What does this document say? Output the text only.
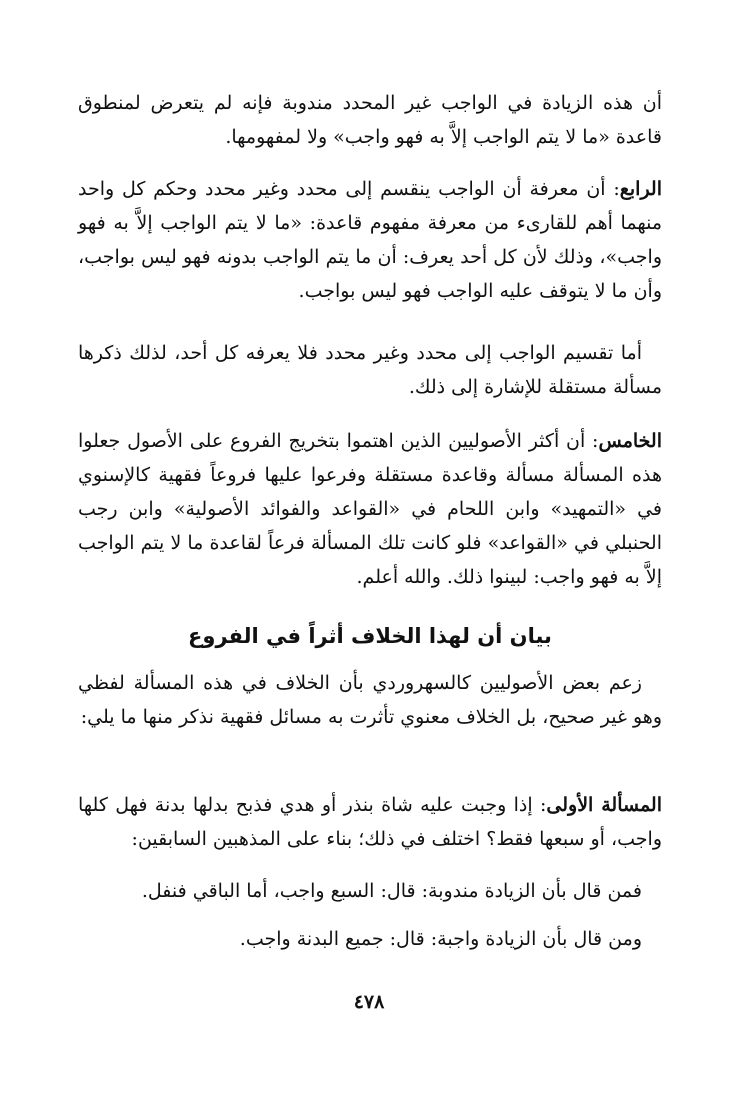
أن هذه الزيادة في الواجب غير المحدد مندوبة فإنه لم يتعرض لمنطوق قاعدة «ما لا يتم الواجب إلاَّ به فهو واجب» ولا لمفهومها.

الرابع: أن معرفة أن الواجب ينقسم إلى محدد وغير محدد وحكم كل واحد منهما أهم للقارىء من معرفة مفهوم قاعدة: «ما لا يتم الواجب إلاَّ به فهو واجب»، وذلك لأن كل أحد يعرف: أن ما يتم الواجب بدونه فهو ليس بواجب، وأن ما لا يتوقف عليه الواجب فهو ليس بواجب.

أما تقسيم الواجب إلى محدد وغير محدد فلا يعرفه كل أحد، لذلك ذكرها مسألة مستقلة للإشارة إلى ذلك.

الخامس: أن أكثر الأصوليين الذين اهتموا بتخريج الفروع على الأصول جعلوا هذه المسألة مسألة وقاعدة مستقلة وفرعوا عليها فروعاً فقهية كالإسنوي في «التمهيد» وابن اللحام في «القواعد والفوائد الأصولية» وابن رجب الحنبلي في «القواعد» فلو كانت تلك المسألة فرعاً لقاعدة ما لا يتم الواجب إلاَّ به فهو واجب: لبينوا ذلك. والله أعلم.

بيان أن لهذا الخلاف أثراً في الفروع

زعم بعض الأصوليين كالسهروردي بأن الخلاف في هذه المسألة لفظي وهو غير صحيح، بل الخلاف معنوي تأثرت به مسائل فقهية نذكر منها ما يلي:

المسألة الأولى: إذا وجبت عليه شاة بنذر أو هدي فذبح بدلها بدنة فهل كلها واجب، أو سبعها فقط؟ اختلف في ذلك؛ بناء على المذهبين السابقين:

فمن قال بأن الزيادة مندوبة: قال: السبع واجب، أما الباقي فنفل.

ومن قال بأن الزيادة واجبة: قال: جميع البدنة واجب.

٤٧٨
